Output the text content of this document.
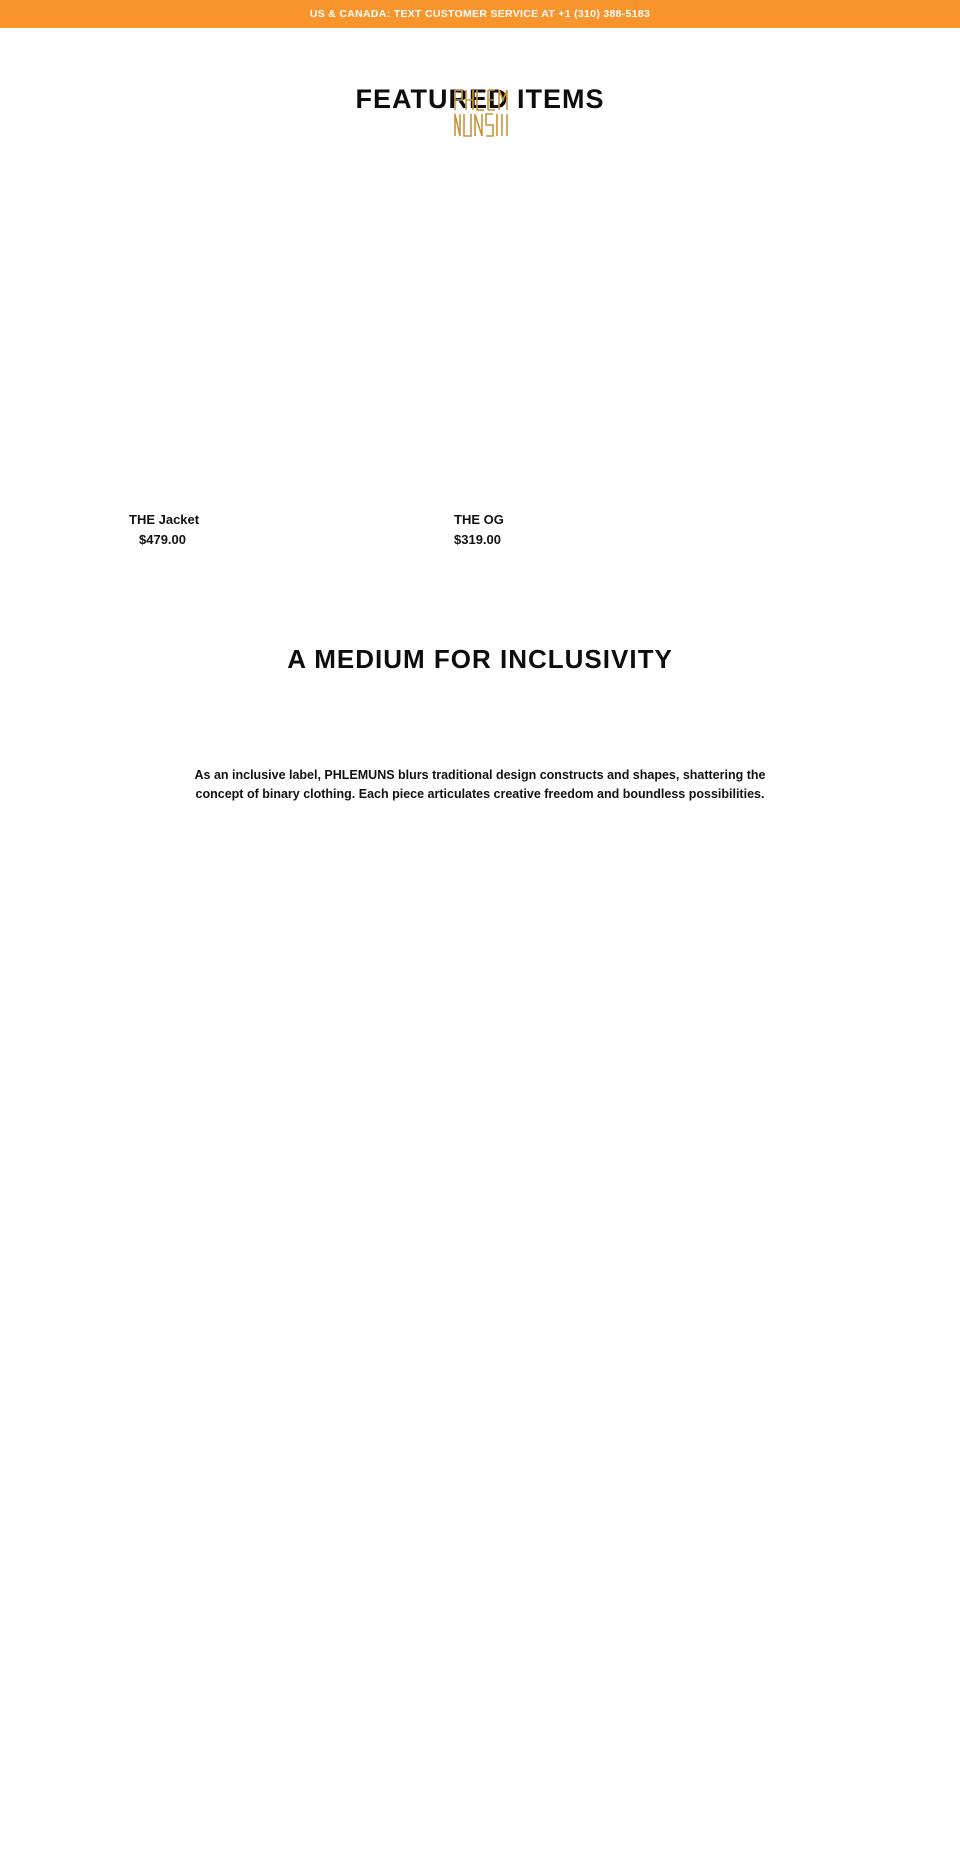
US & CANADA: TEXT CUSTOMER SERVICE AT +1 (310) 388-5183
FEATURED ITEMS
THE Jacket
$479.00
THE OG
$319.00
A MEDIUM FOR INCLUSIVITY

As an inclusive label, PHLEMUNS blurs traditional design constructs and shapes, shattering the concept of binary clothing. Each piece articulates creative freedom and boundless possibilities.
